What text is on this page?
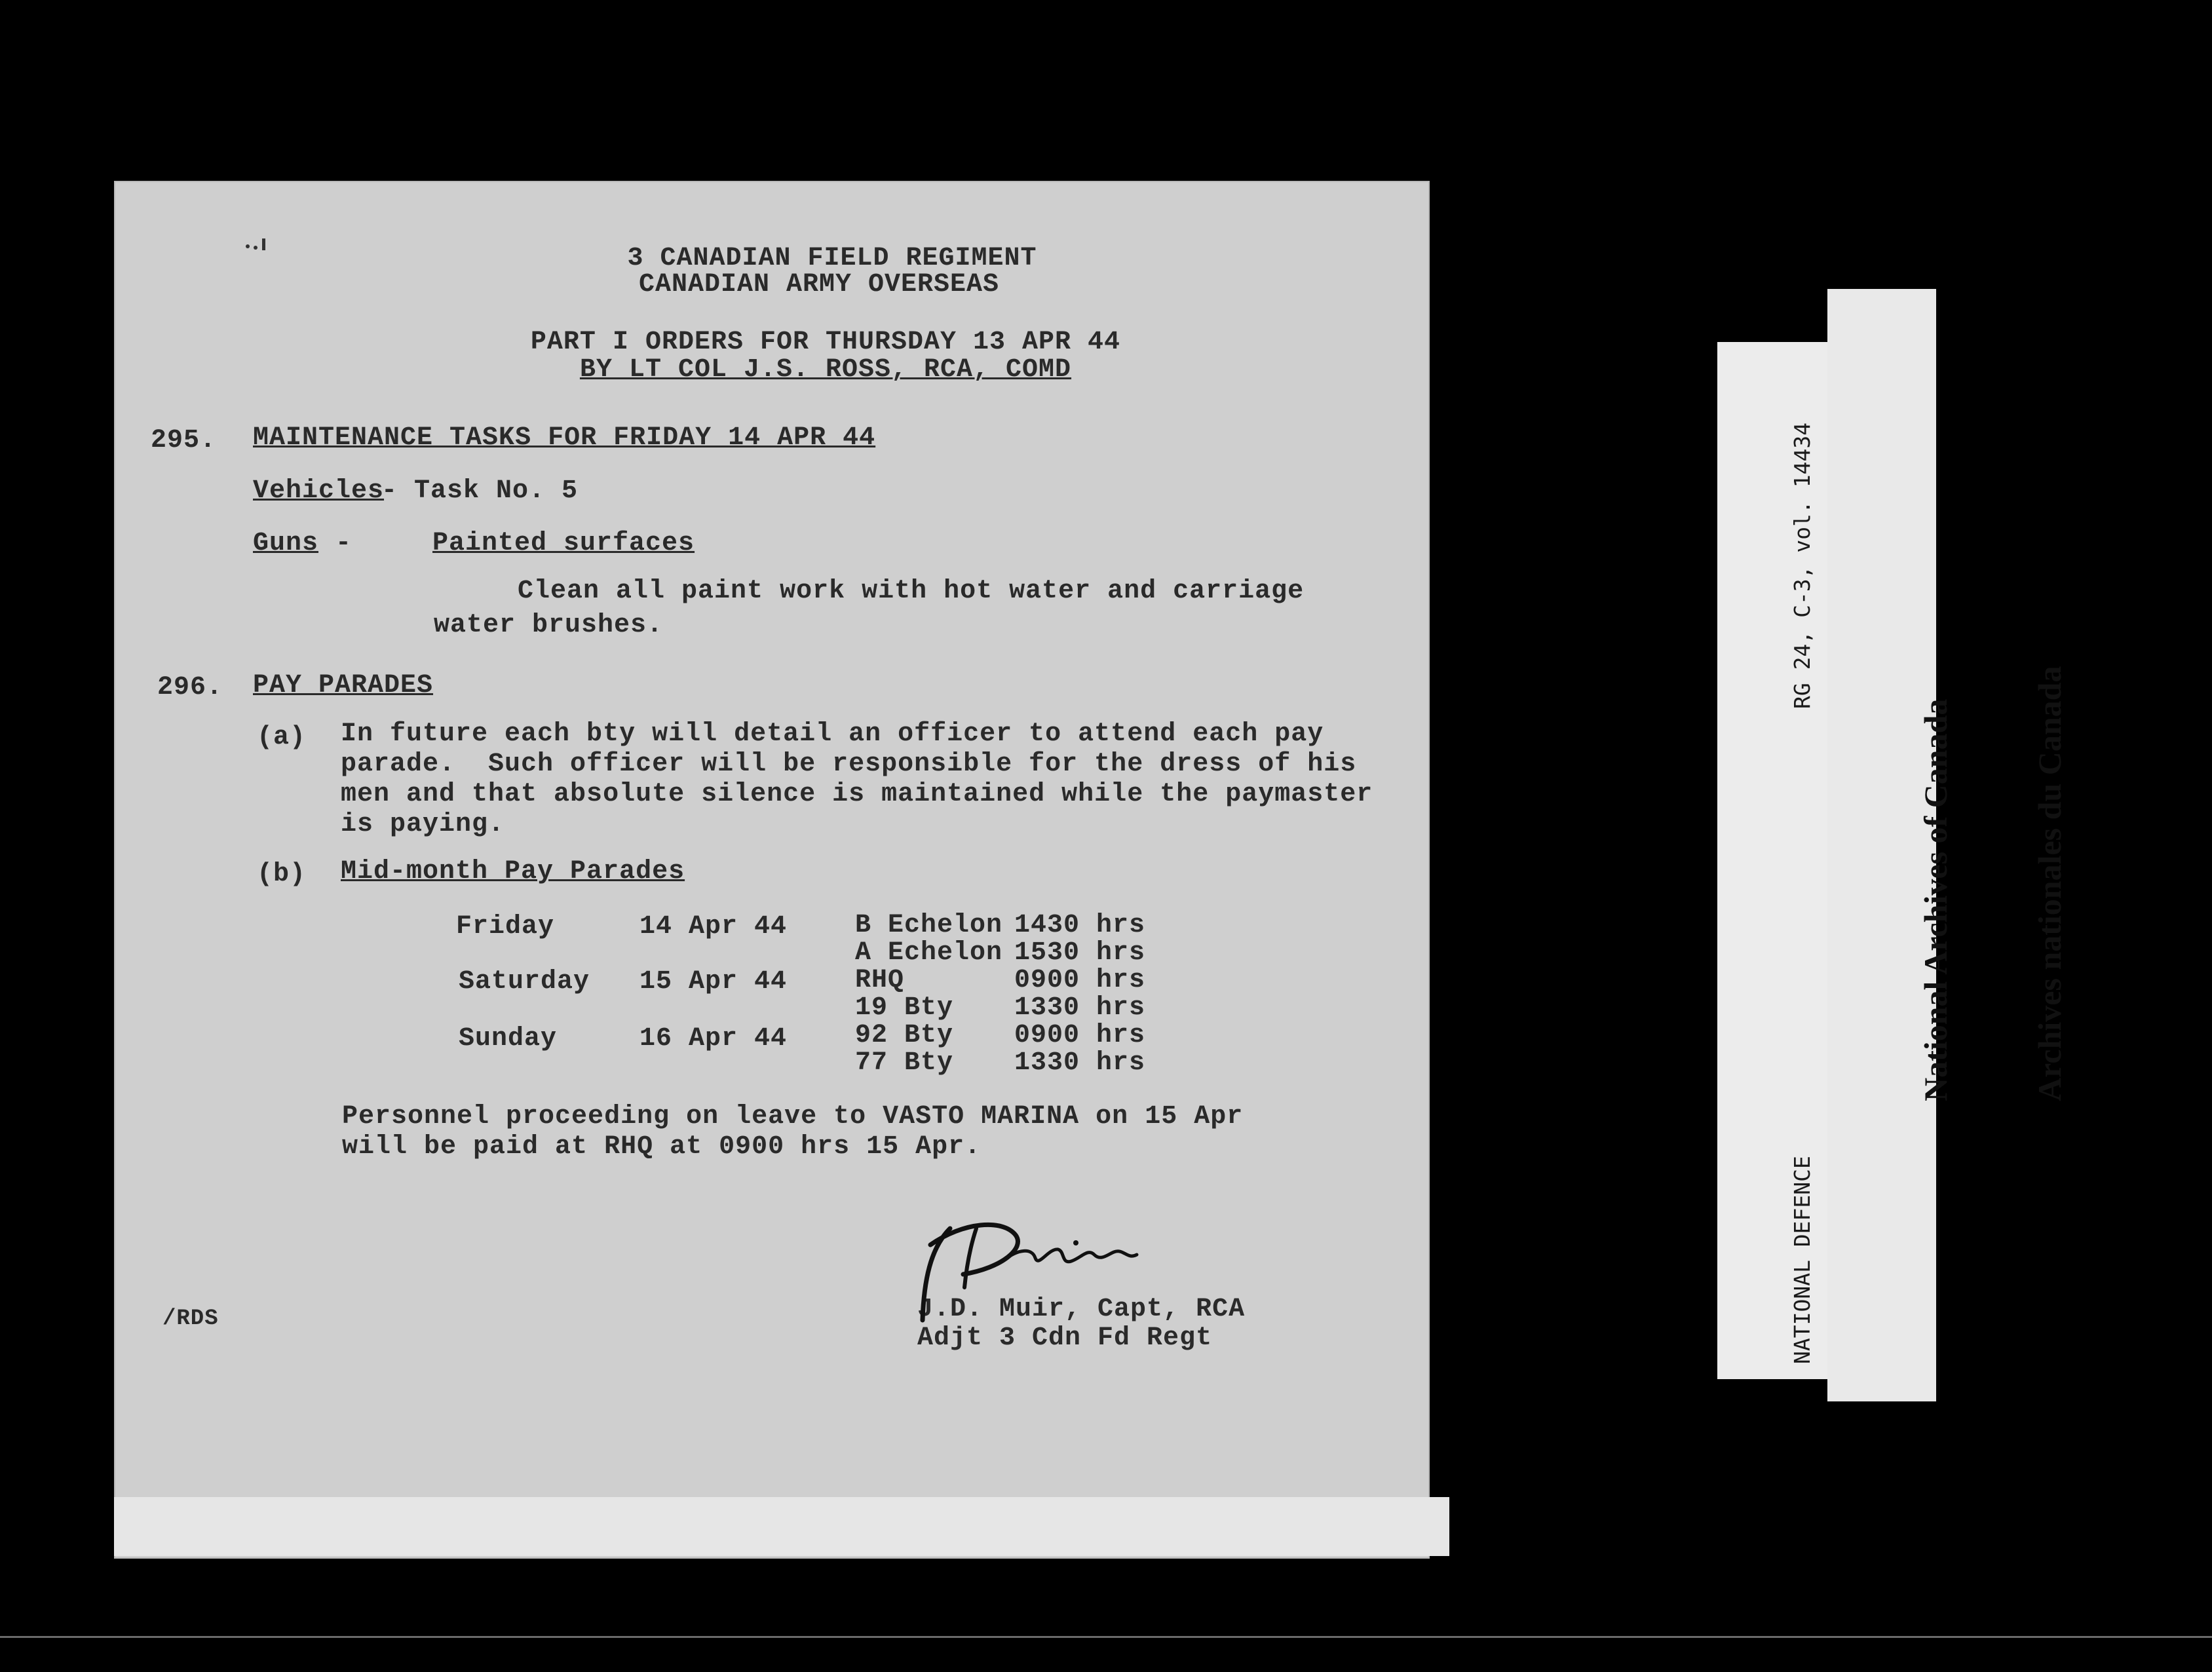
3 CANADIAN FIELD REGIMENT
CANADIAN ARMY OVERSEAS
PART I ORDERS FOR THURSDAY 13 APR 44
BY LT COL J.S. ROSS, RCA, COMD
295. MAINTENANCE TASKS FOR FRIDAY 14 APR 44
Vehicles
- Task No. 5
Guns -	Painted surfaces
Clean all paint work with hot water and carriage
water brushes.
296. PAY PARADES
(a) In future each bty will detail an officer to attend each pay
parade.  Such officer will be responsible for the dress of his
men and that absolute silence is maintained while the paymaster
is paying.
(b) Mid-month Pay Parades
Friday
Saturday
Sunday
14 Apr 44
15 Apr 44
16 Apr 44
B Echelon
A Echelon
RHQ
19 Bty
92 Bty
77 Bty
1430 hrs
1530 hrs
0900 hrs
1330 hrs
0900 hrs
1330 hrs
Personnel proceeding on leave to VASTO MARINA on 15 Apr
will be paid at RHQ at 0900 hrs 15 Apr.
J.D. Muir, Capt, RCA
Adjt 3 Cdn Fd Regt
/RDS

RG 24, C-3, vol. 14434

NATIONAL DEFENCE

National Archives of Canada

Archives nationales du Canada
